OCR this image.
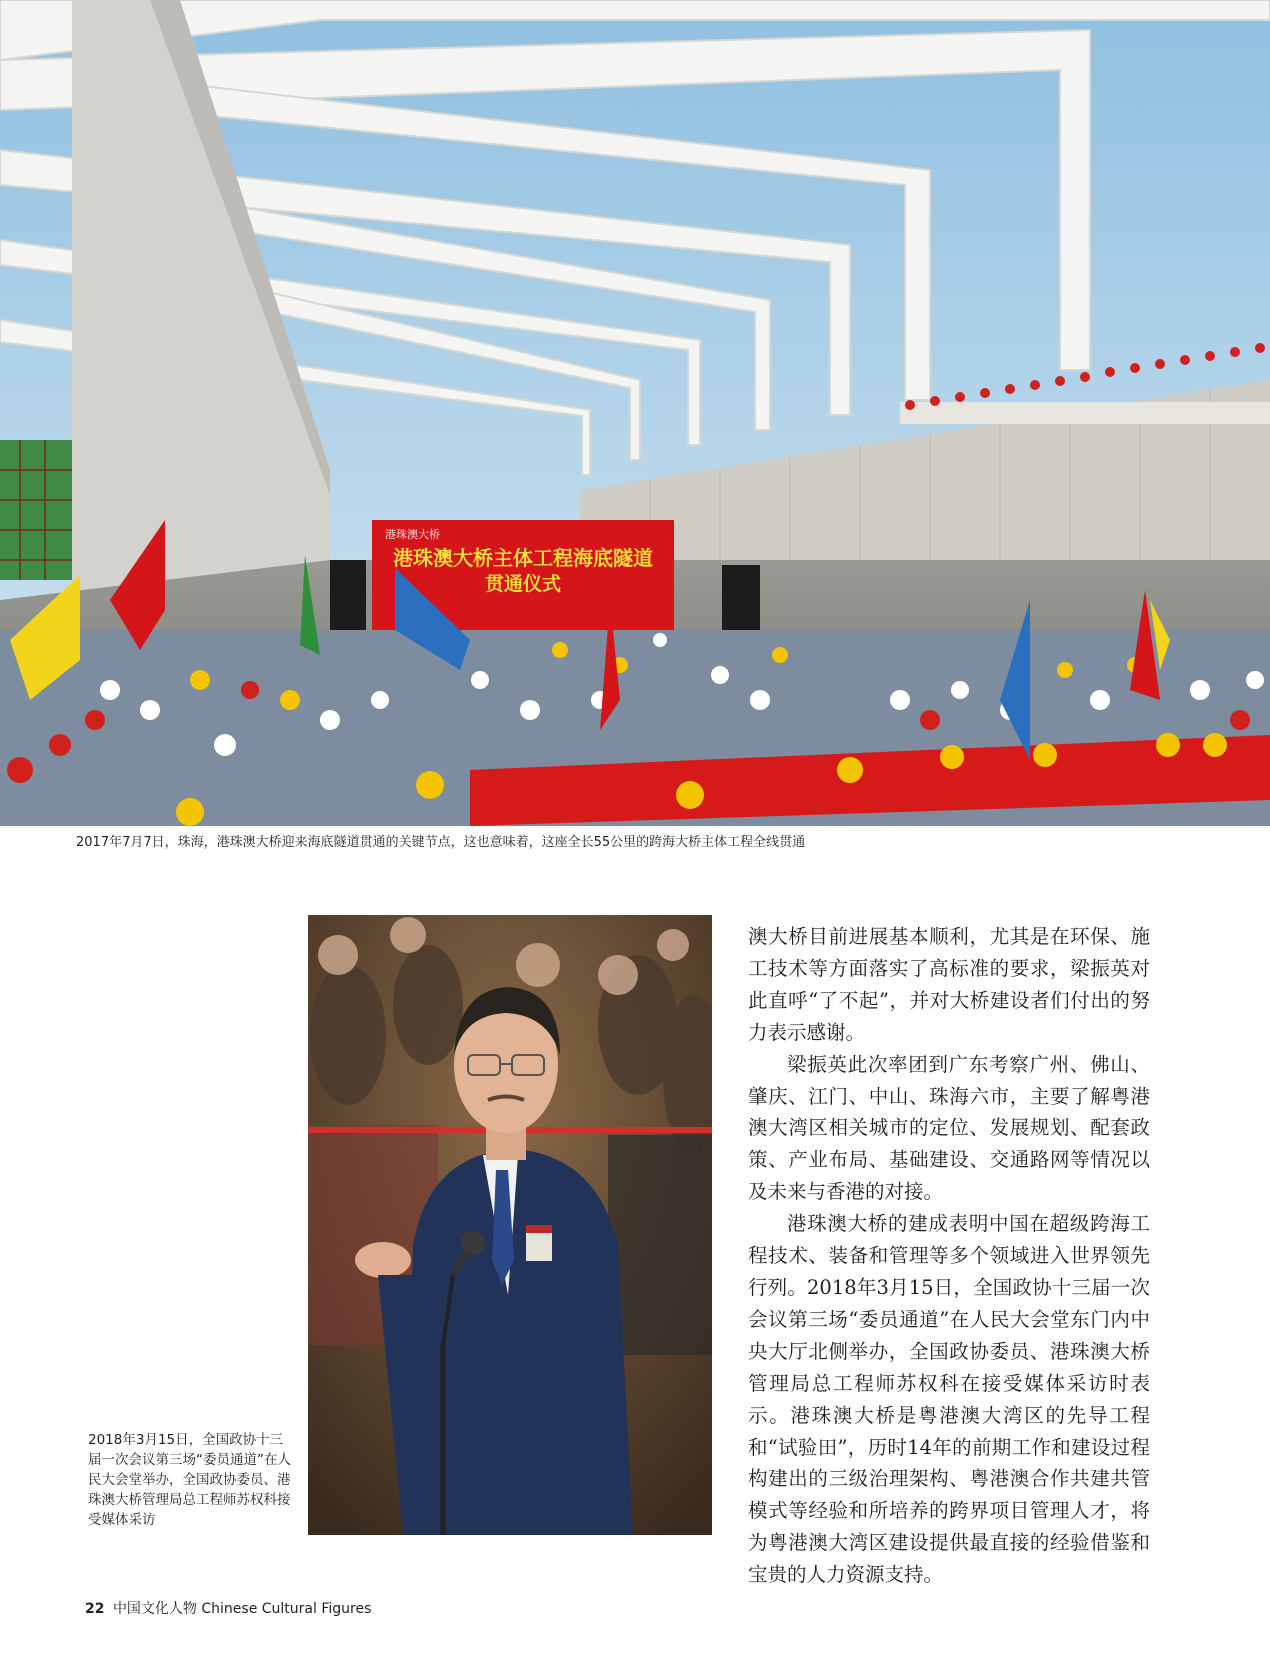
港珠澳大桥
港珠澳大桥主体工程海底隧道
贯通仪式
2017年7月7日，珠海，港珠澳大桥迎来海底隧道贯通的关键节点，这也意味着，这座全长55公里的跨海大桥主体工程全线贯通
2018年3月15日，全国政协十三届一次会议第三场“委员通道”在人民大会堂举办，全国政协委员、港珠澳大桥管理局总工程师苏权科接受媒体采访

澳大桥目前进展基本顺利，尤其是在环保、施工技术等方面落实了高标准的要求，梁振英对此直呼“了不起”，并对大桥建设者们付出的努力表示感谢。

梁振英此次率团到广东考察广州、佛山、肇庆、江门、中山、珠海六市，主要了解粤港澳大湾区相关城市的定位、发展规划、配套政策、产业布局、基础建设、交通路网等情况以及未来与香港的对接。

港珠澳大桥的建成表明中国在超级跨海工程技术、装备和管理等多个领域进入世界领先行列。2018年3月15日，全国政协十三届一次会议第三场“委员通道”在人民大会堂东门内中央大厅北侧举办，全国政协委员、港珠澳大桥管理局总工程师苏权科在接受媒体采访时表示。港珠澳大桥是粤港澳大湾区的先导工程和“试验田”，历时14年的前期工作和建设过程构建出的三级治理架构、粤港澳合作共建共管模式等经验和所培养的跨界项目管理人才，将为粤港澳大湾区建设提供最直接的经验借鉴和宝贵的人力资源支持。

22 中国文化人物 Chinese Cultural Figures
